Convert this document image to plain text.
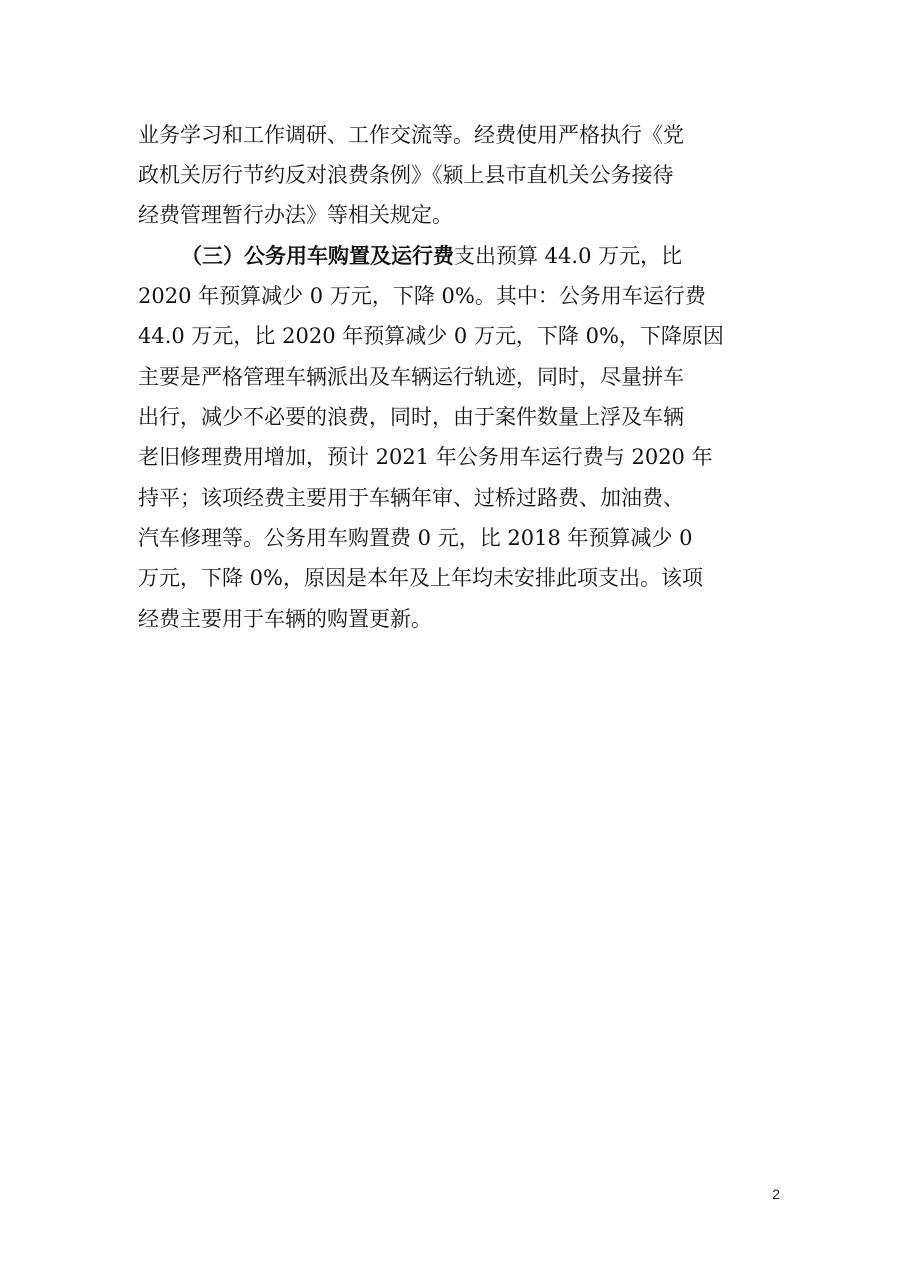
业务学习和工作调研、工作交流等。经费使用严格执行《党
政机关厉行节约反对浪费条例》《颍上县市直机关公务接待
经费管理暂行办法》等相关规定。
（三）公务用车购置及运行费支出预算 44.0 万元，比
2020 年预算减少 0 万元，下降 0%。其中：公务用车运行费
44.0 万元，比 2020 年预算减少 0 万元，下降 0%，下降原因
主要是严格管理车辆派出及车辆运行轨迹，同时，尽量拼车
出行，减少不必要的浪费，同时，由于案件数量上浮及车辆
老旧修理费用增加，预计 2021 年公务用车运行费与 2020 年
持平；该项经费主要用于车辆年审、过桥过路费、加油费、
汽车修理等。公务用车购置费 0 元，比 2018 年预算减少 0
万元，下降 0%，原因是本年及上年均未安排此项支出。该项
经费主要用于车辆的购置更新。
2
